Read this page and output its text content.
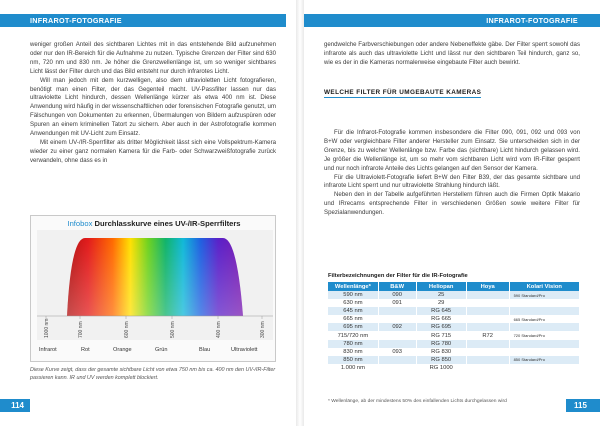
INFRAROT-FOTOGRAFIE

weniger großen Anteil des sichtbaren Lichtes mit in das entstehende Bild aufzunehmen oder nur den IR-Bereich für die Aufnahme zu nutzen. Typische Grenzen der Filter sind 630 nm, 720 nm und 830 nm. Je höher die Grenzwellenlänge ist, um so weniger sichtbares Licht lässt der Filter durch und das Bild entsteht nur durch infrarotes Licht.

Will man jedoch mit dem kurzwelligen, also dem ultravioletten Licht fotografieren, benötigt man einen Filter, der das Gegenteil macht. UV-Passfilter lassen nur das ultraviolette Licht hindurch, dessen Wellenlänge kürzer als etwa 400 nm ist. Diese Anwendung wird häufig in der wissenschaftlichen oder forensischen Fotografie genutzt, um Fälschungen von Dokumenten zu erkennen, Übermalungen von Bildern aufzuspüren oder Spuren an einem kriminellen Tatort zu sichern. Aber auch in der Astrofotografie kommen Anwendungen mit UV-Licht zum Einsatz.

Mit einem UV-/IR-Sperrfilter als dritter Möglichkeit lässt sich eine Vollspektrum-Kamera wieder zu einer ganz normalen Kamera für die Farb- oder Schwarzweißfotografie zurück verwandeln, ohne dass es in

Infobox Durchlasskurve eines UV-/IR-Sperrfilters
1000 nm	700 nm	600 nm	500 nm	400 nm	300 nm
Infrarot	Rot	Orange	Grün	Blau	Ultraviolett
Diese Kurve zeigt, dass der gesamte sichtbare Licht von etwa 750 nm bis ca. 400 nm den UV-/IR-Filter passieren kann. IR und UV werden komplett blockiert.
114
INFRAROT-FOTOGRAFIE

gendwelche Farbverschiebungen oder andere Nebeneffekte gäbe. Der Filter sperrt sowohl das infrarote als auch das ultraviolette Licht und lässt nur den sichtbaren Teil hindurch, ganz so, wie es der in die Kameras normalerweise eingebaute Filter auch bewirkt.

WELCHE FILTER FÜR UMGEBAUTE KAMERAS

Für die Infrarot-Fotografie kommen insbesondere die Filter 090, 091, 092 und 093 von B+W oder vergleichbare Filter anderer Hersteller zum Einsatz. Sie unterscheiden sich in der Grenze, bis zu welcher Wellenlänge bzw. Farbe das (sichtbare) Licht hindurch gelassen wird. Je größer die Wellenlänge ist, um so mehr vom sichtbaren Licht wird vom IR-Filter gesperrt und nur noch infrarote Anteile des Lichts gelangen auf den Sensor der Kamera.

Für die Ultraviolett-Fotografie liefert B+W den Filter B39, der das gesamte sichtbare und infrarote Licht sperrt und nur ultraviolette Strahlung hindurch läßt.

Neben den in der Tabelle aufgeführten Herstellern führen auch die Firmen Optik Makario und IRrecams entsprechende Filter in verschiedenen Größen sowie weitere Filter für Spezialanwendungen.

Filterbezeichnungen der Filter für die IR-Fotografie
Wellenlänge*	B&W	Heliopan	Hoya	Kolari Vision
590 nm	090	25		590 Standard/Pro
630 nm	091	29		
645 nm		RG 645		
665 nm		RG 665		665 Standard/Pro
695 nm	092	RG 695		
715/720 nm		RG 715	R72	720 Standard/Pro
780 nm		RG 780		
830 nm	093	RG 830		
850 nm		RG 850		850 Standard/Pro
1.000 nm		RG 1000		
* Wellenlänge, ab der mindestens 50% des einfallenden Lichts durchgelassen wird	115
